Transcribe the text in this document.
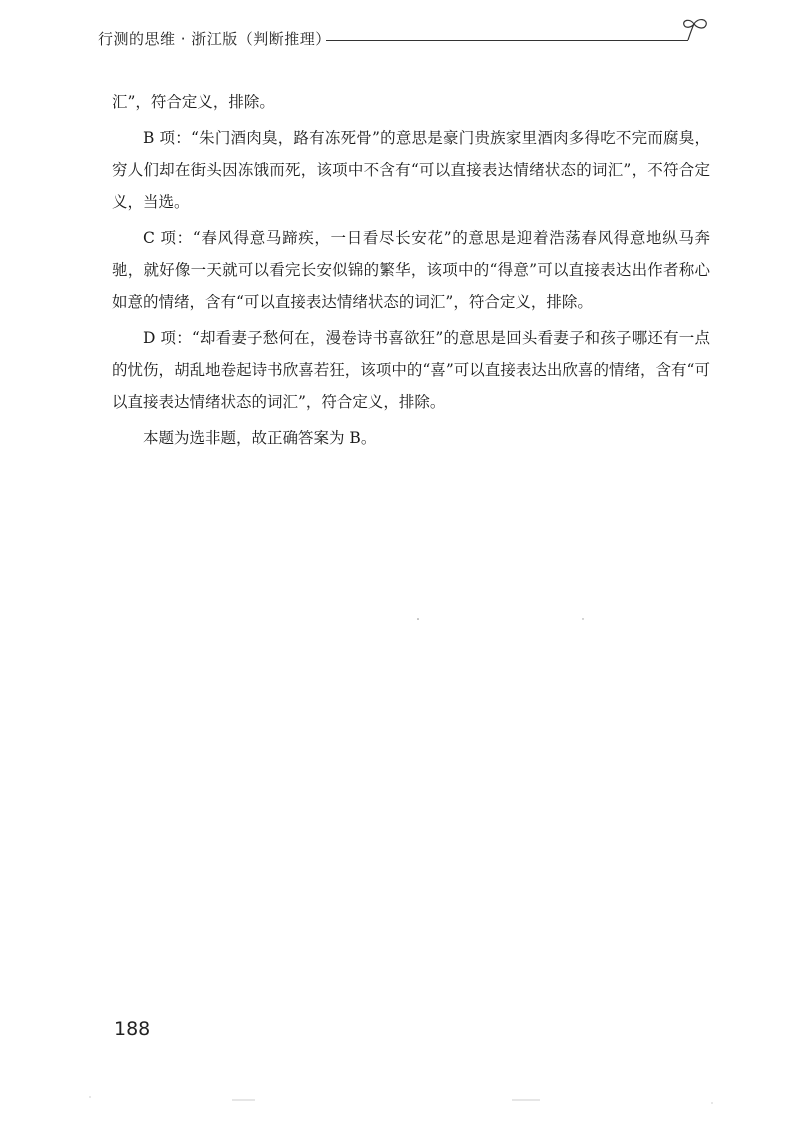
行测的思维 · 浙江版（判断推理）

汇”，符合定义，排除。

B 项：“朱门酒肉臭，路有冻死骨”的意思是豪门贵族家里酒肉多得吃不完而腐臭，穷人们却在街头因冻饿而死，该项中不含有“可以直接表达情绪状态的词汇”，不符合定义，当选。

C 项：“春风得意马蹄疾，一日看尽长安花”的意思是迎着浩荡春风得意地纵马奔驰，就好像一天就可以看完长安似锦的繁华，该项中的“得意”可以直接表达出作者称心如意的情绪，含有“可以直接表达情绪状态的词汇”，符合定义，排除。

D 项：“却看妻子愁何在，漫卷诗书喜欲狂”的意思是回头看妻子和孩子哪还有一点的忧伤，胡乱地卷起诗书欣喜若狂，该项中的“喜”可以直接表达出欣喜的情绪，含有“可以直接表达情绪状态的词汇”，符合定义，排除。

本题为选非题，故正确答案为 B。

188
